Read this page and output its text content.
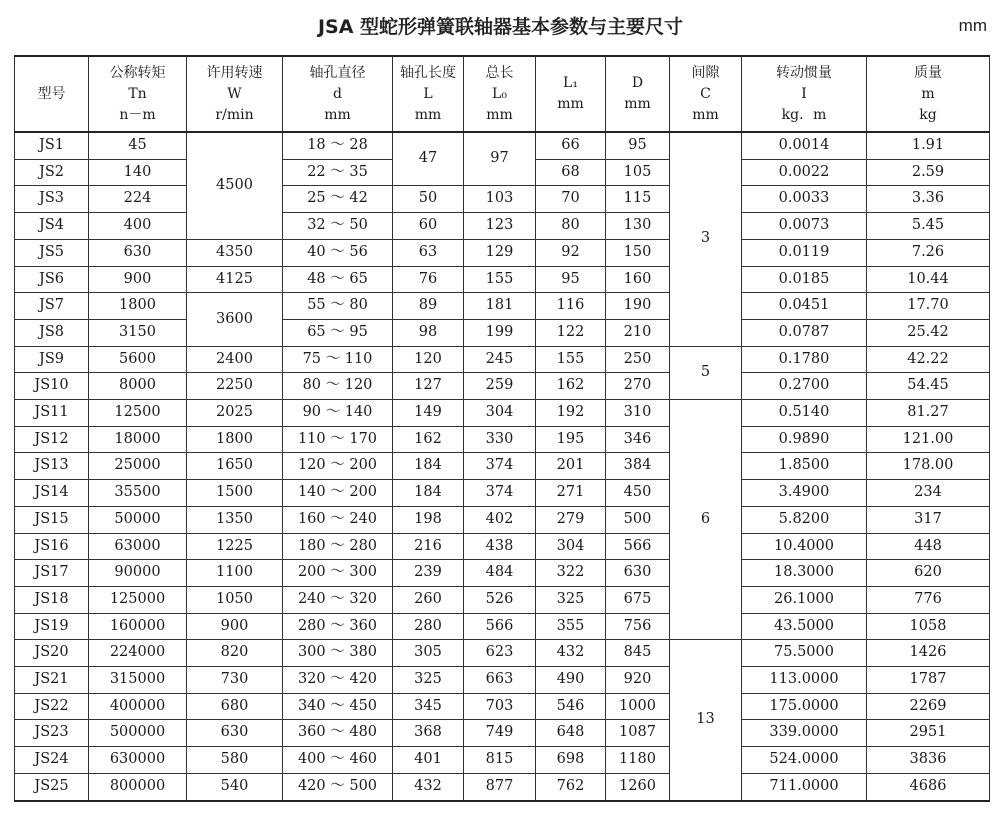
JSA 型蛇形弹簧联轴器基本参数与主要尺寸	mm
型号	公称转矩
Tn
n－m	许用转速
W
r/min	轴孔直径
d
mm	轴孔长度
L
mm	总长
L₀
mm	L₁
mm	D
mm	间隙
C
mm	转动惯量
I
kg．m	质量
m
kg

JS1	45	4500	18 ～ 28	47	97	66	95	3	0.0014	1.91
JS2	140		22 ～ 35			68	105		0.0022	2.59
JS3	224		25 ～ 42	50	103	70	115		0.0033	3.36
JS4	400		32 ～ 50	60	123	80	130		0.0073	5.45
JS5	630	4350	40 ～ 56	63	129	92	150		0.0119	7.26
JS6	900	4125	48 ～ 65	76	155	95	160		0.0185	10.44
JS7	1800	3600	55 ～ 80	89	181	116	190		0.0451	17.70
JS8	3150		65 ～ 95	98	199	122	210		0.0787	25.42
JS9	5600	2400	75 ～ 110	120	245	155	250	5	0.1780	42.22
JS10	8000	2250	80 ～ 120	127	259	162	270		0.2700	54.45
JS11	12500	2025	90 ～ 140	149	304	192	310	6	0.5140	81.27
JS12	18000	1800	110 ～ 170	162	330	195	346		0.9890	121.00
JS13	25000	1650	120 ～ 200	184	374	201	384		1.8500	178.00
JS14	35500	1500	140 ～ 200	184	374	271	450		3.4900	234
JS15	50000	1350	160 ～ 240	198	402	279	500		5.8200	317
JS16	63000	1225	180 ～ 280	216	438	304	566		10.4000	448
JS17	90000	1100	200 ～ 300	239	484	322	630		18.3000	620
JS18	125000	1050	240 ～ 320	260	526	325	675		26.1000	776
JS19	160000	900	280 ～ 360	280	566	355	756		43.5000	1058
JS20	224000	820	300 ～ 380	305	623	432	845	13	75.5000	1426
JS21	315000	730	320 ～ 420	325	663	490	920		113.0000	1787
JS22	400000	680	340 ～ 450	345	703	546	1000		175.0000	2269
JS23	500000	630	360 ～ 480	368	749	648	1087		339.0000	2951
JS24	630000	580	400 ～ 460	401	815	698	1180		524.0000	3836
JS25	800000	540	420 ～ 500	432	877	762	1260		711.0000	4686
